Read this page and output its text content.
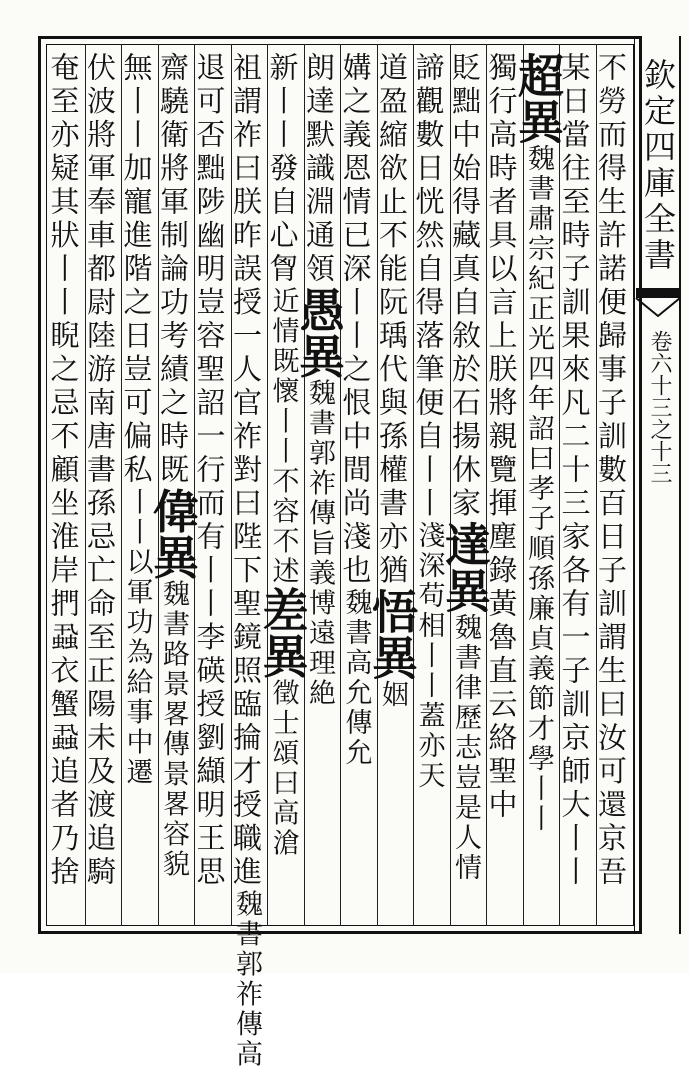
欽定四庫全書
卷六十三之十三
不勞而得生許諾便歸事子訓數百日子訓謂生曰汝可還京吾
某日當往至時子訓果來凡二十三家各有一子訓京師大丨丨
超異魏書肅宗紀正光四年詔曰孝子順孫廉貞義節才學丨丨
獨行高時者具以言上朕將親覽揮塵錄黃魯直云絡聖中
貶黜中始得藏真自敘於石揚休家達異魏書律歷志豈是人情
諦觀數日恍然自得落筆便自丨丨淺深苟相丨丨蓋亦天
道盈縮欲止不能阮瑀代與孫權書亦猶悟異姻
媾之義恩情已深丨丨之恨中間尚淺也魏書高允傳允
朗達默識淵通領愚異魏書郭祚傳旨義博遠理絶
新丨丨發自心胷近情既懷丨丨不容不述差異徵士頌曰高滄
祖謂祚曰朕昨誤授一人官祚對曰陛下聖鏡照臨掄才授職進魏書郭祚傳高
退可否黜陟幽明豈容聖詔一行而有丨丨李碤授劉纈明王思
齋驍衛將軍制論功考績之時既偉異魏書路景畧傳景畧容貌
無丨丨加寵進階之日豈可偏私丨丨以軍功為給事中遷
伏波將軍奉車都尉陸游南唐書孫忌亡命至正陽未及渡追騎
奄至亦疑其狀丨丨睨之忌不顧坐淮岸捫蝨衣蟹蝨追者乃捨
